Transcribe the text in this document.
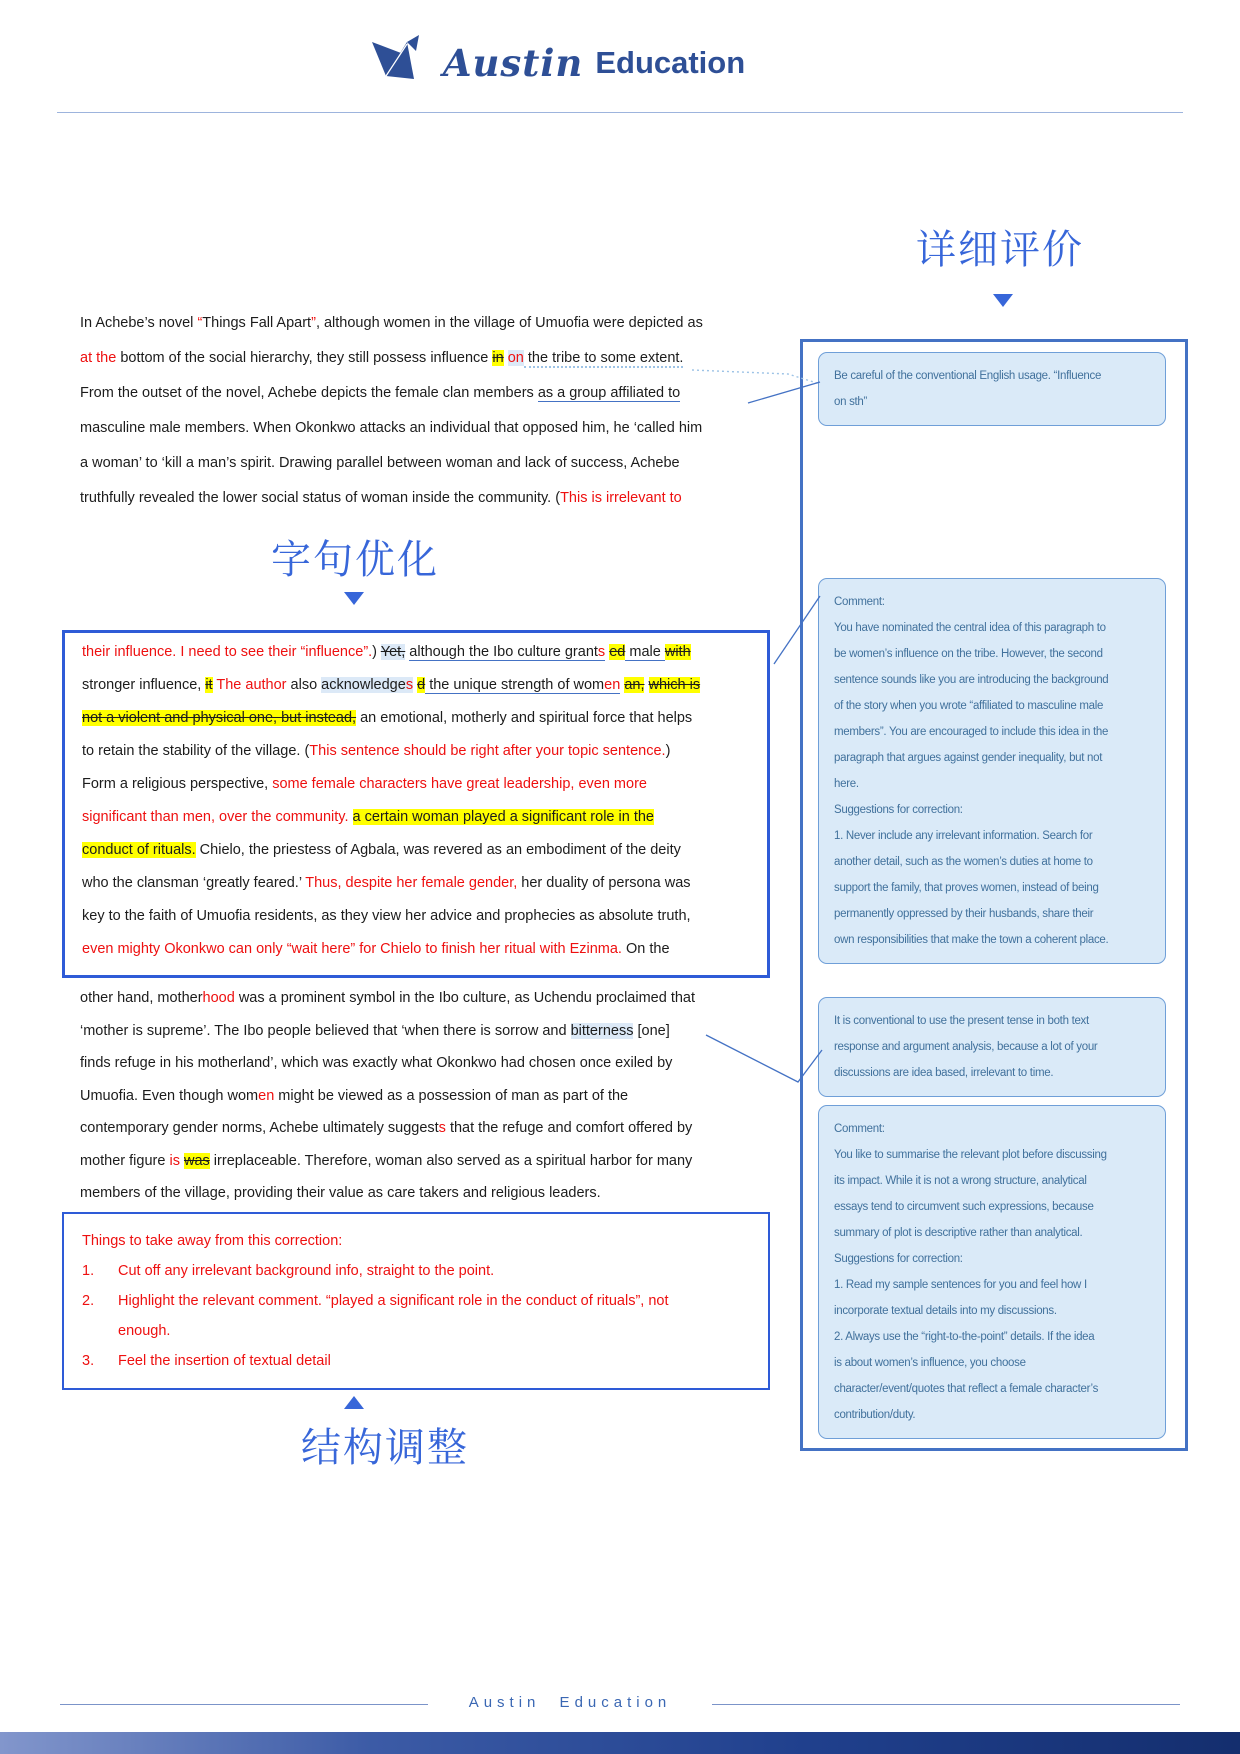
Austin Education
详细评价
In Achebe’s novel “Things Fall Apart”, although women in the village of Umuofia were depicted as
at the bottom of the social hierarchy, they still possess influence in on the tribe to some extent.
From the outset of the novel, Achebe depicts the female clan members as a group affiliated to
masculine male members. When Okonkwo attacks an individual that opposed him, he ‘called him
a woman’ to ‘kill a man’s spirit. Drawing parallel between woman and lack of success, Achebe
truthfully revealed the lower social status of woman inside the community. (This is irrelevant to
字句优化
their influence. I need to see their “influence”.) Yet, although the Ibo culture grants ed male with
stronger influence, it The author also acknowledges d the unique strength of women an, which is
not a violent and physical one, but instead, an emotional, motherly and spiritual force that helps
to retain the stability of the village. (This sentence should be right after your topic sentence.)
Form a religious perspective, some female characters have great leadership, even more
significant than men, over the community. a certain woman played a significant role in the
conduct of rituals. Chielo, the priestess of Agbala, was revered as an embodiment of the deity
who the clansman ‘greatly feared.’ Thus, despite her female gender, her duality of persona was
key to the faith of Umuofia residents, as they view her advice and prophecies as absolute truth,
even mighty Okonkwo can only “wait here” for Chielo to finish her ritual with Ezinma. On the
other hand, motherhood was a prominent symbol in the Ibo culture, as Uchendu proclaimed that
‘mother is supreme’. The Ibo people believed that ‘when there is sorrow and bitterness [one]
finds refuge in his motherland’, which was exactly what Okonkwo had chosen once exiled by
Umuofia. Even though women might be viewed as a possession of man as part of the
contemporary gender norms, Achebe ultimately suggests that the refuge and comfort offered by
mother figure is was irreplaceable. Therefore, woman also served as a spiritual harbor for many
members of the village, providing their value as care takers and religious leaders.
Things to take away from this correction:
1. Cut off any irrelevant background info, straight to the point.
2. Highlight the relevant comment. “played a significant role in the conduct of rituals”, not
enough.
3. Feel the insertion of textual detail
结构调整
Be careful of the conventional English usage. “Influence
on sth”
Comment:
You have nominated the central idea of this paragraph to
be women’s influence on the tribe. However, the second
sentence sounds like you are introducing the background
of the story when you wrote “affiliated to masculine male
members”. You are encouraged to include this idea in the
paragraph that argues against gender inequality, but not
here.
Suggestions for correction:
1. Never include any irrelevant information. Search for
another detail, such as the women’s duties at home to
support the family, that proves women, instead of being
permanently oppressed by their husbands, share their
own responsibilities that make the town a coherent place.
It is conventional to use the present tense in both text
response and argument analysis, because a lot of your
discussions are idea based, irrelevant to time.
Comment:
You like to summarise the relevant plot before discussing
its impact. While it is not a wrong structure, analytical
essays tend to circumvent such expressions, because
summary of plot is descriptive rather than analytical.
Suggestions for correction:
1. Read my sample sentences for you and feel how I
incorporate textual details into my discussions.
2. Always use the “right-to-the-point” details. If the idea
is about women’s influence, you choose
character/event/quotes that reflect a female character’s
contribution/duty.
Austin Education
